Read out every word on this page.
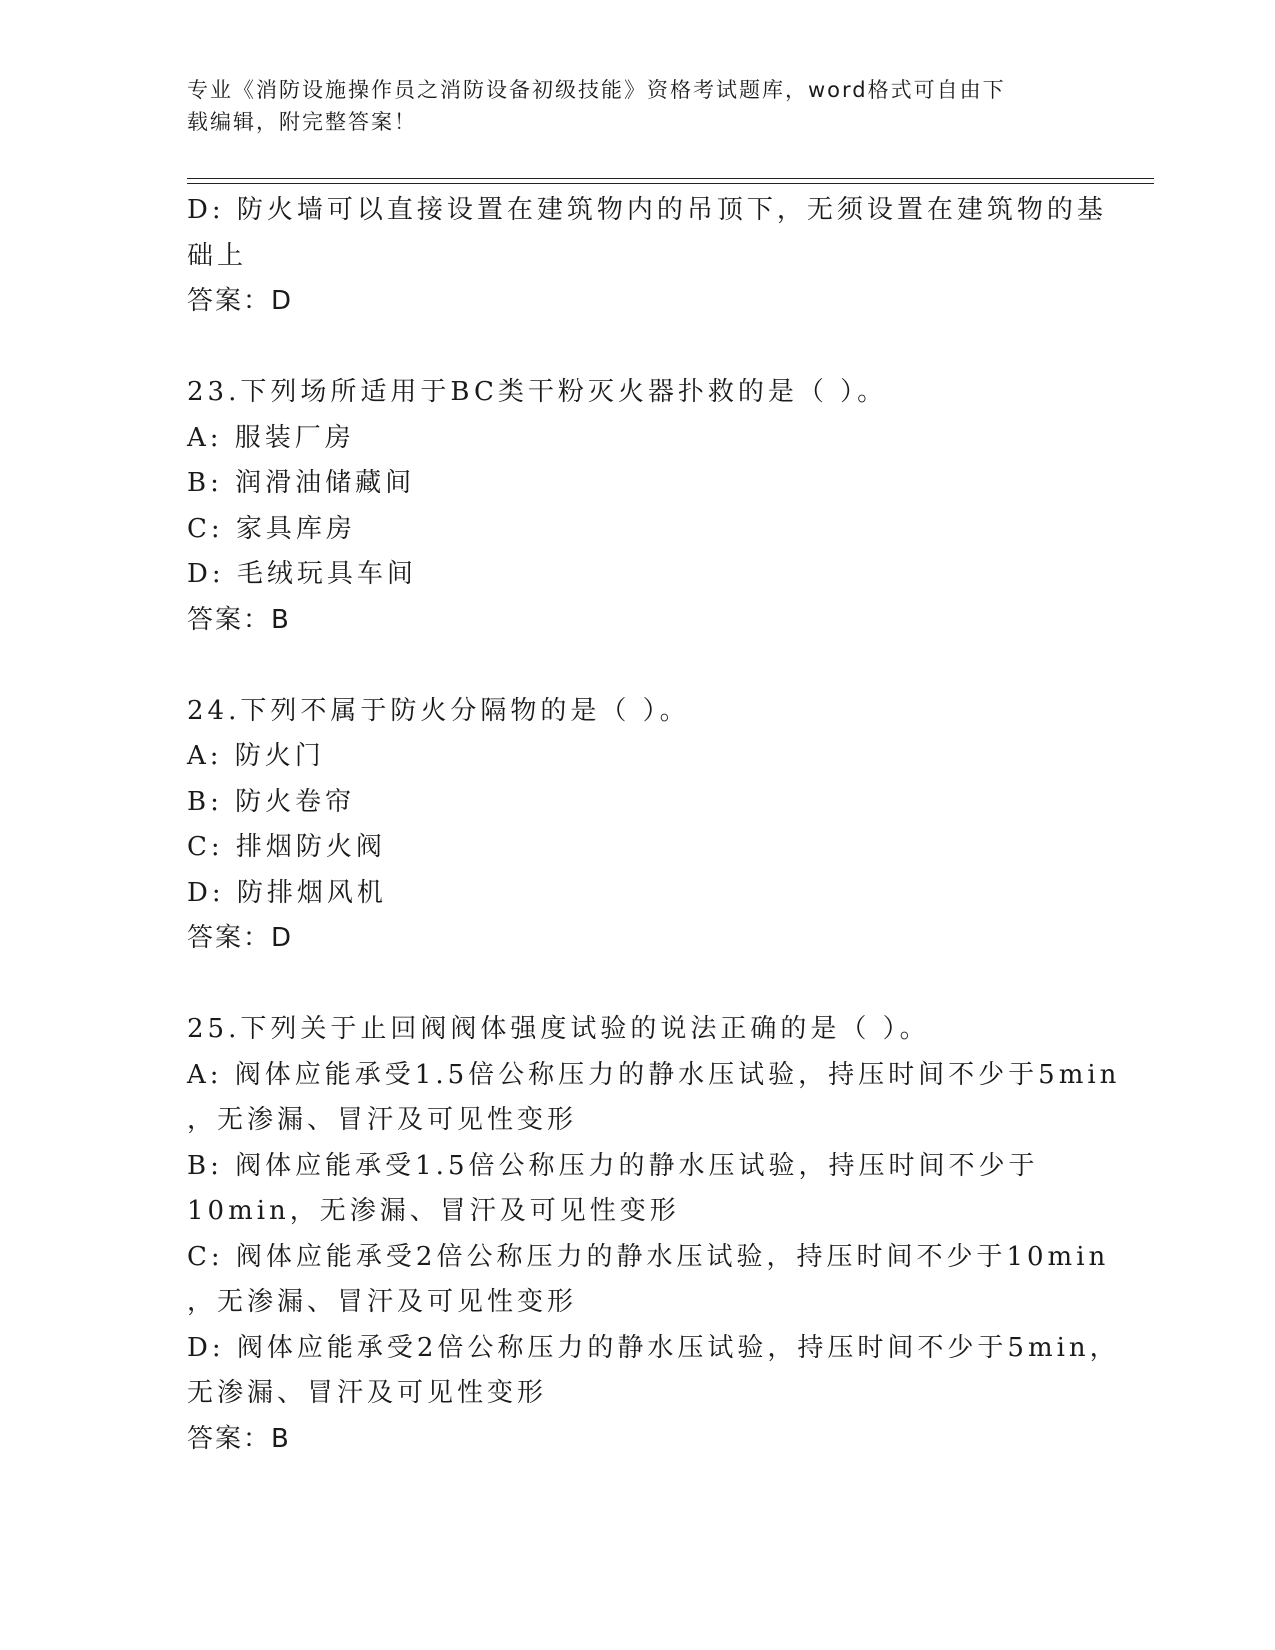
专业《消防设施操作员之消防设备初级技能》资格考试题库，word格式可自由下
载编辑，附完整答案！
D: 防火墙可以直接设置在建筑物内的吊顶下，无须设置在建筑物的基
础上
答案：D
23.下列场所适用于BC类干粉灭火器扑救的是（ ）。
A: 服装厂房
B: 润滑油储藏间
C: 家具库房
D: 毛绒玩具车间
答案：B
24.下列不属于防火分隔物的是（ ）。
A: 防火门
B: 防火卷帘
C: 排烟防火阀
D: 防排烟风机
答案：D
25.下列关于止回阀阀体强度试验的说法正确的是（ ）。
A: 阀体应能承受1.5倍公称压力的静水压试验，持压时间不少于5min
，无渗漏、冒汗及可见性变形
B: 阀体应能承受1.5倍公称压力的静水压试验，持压时间不少于
10min，无渗漏、冒汗及可见性变形
C: 阀体应能承受2倍公称压力的静水压试验，持压时间不少于10min
，无渗漏、冒汗及可见性变形
D: 阀体应能承受2倍公称压力的静水压试验，持压时间不少于5min，
无渗漏、冒汗及可见性变形
答案：B
